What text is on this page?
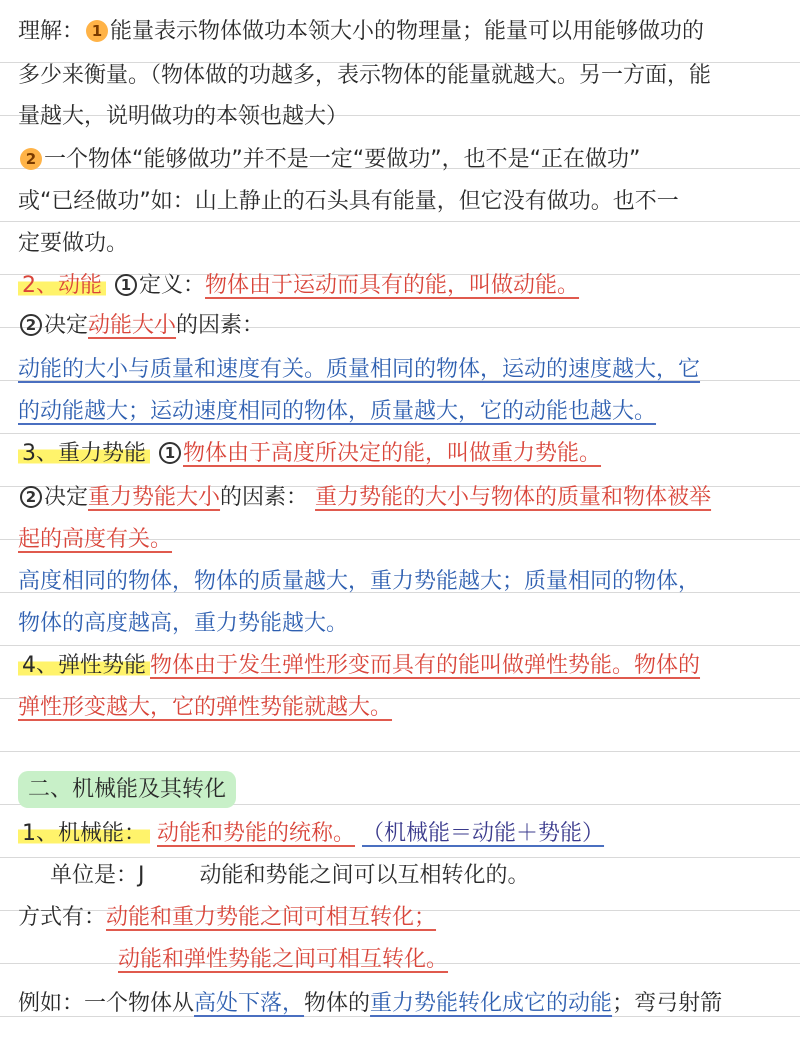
理解： 1 能量表示物体做功本领大小的物理量；能量可以用能够做功的
多少来衡量。（物体做的功越多，表示物体的能量就越大。另一方面，能
量越大，说明做功的本领也越大）
2 一个物体“能够做功”并不是一定“要做功”，也不是“正在做功”
或“已经做功”如：山上静止的石头具有能量，但它没有做功。也不一
定要做功。
2、动能 1 定义：物体由于运动而具有的能，叫做动能。
2 决定动能大小的因素：
动能的大小与质量和速度有关。质量相同的物体，运动的速度越大，它
的动能越大；运动速度相同的物体，质量越大，它的动能也越大。
3、重力势能 1 物体由于高度所决定的能，叫做重力势能。
2 决定重力势能大小的因素： 重力势能的大小与物体的质量和物体被举
起的高度有关。
高度相同的物体，物体的质量越大，重力势能越大；质量相同的物体，
物体的高度越高，重力势能越大。
4、弹性势能 物体由于发生弹性形变而具有的能叫做弹性势能。物体的
弹性形变越大，它的弹性势能就越大。
二、机械能及其转化
1、机械能： 动能和势能的统称。 （机械能＝动能＋势能）
单位是：J	动能和势能之间可以互相转化的。
方式有：动能和重力势能之间可相互转化；
动能和弹性势能之间可相互转化。
例如：一个物体从高处下落，物体的重力势能转化成它的动能；弯弓射箭
